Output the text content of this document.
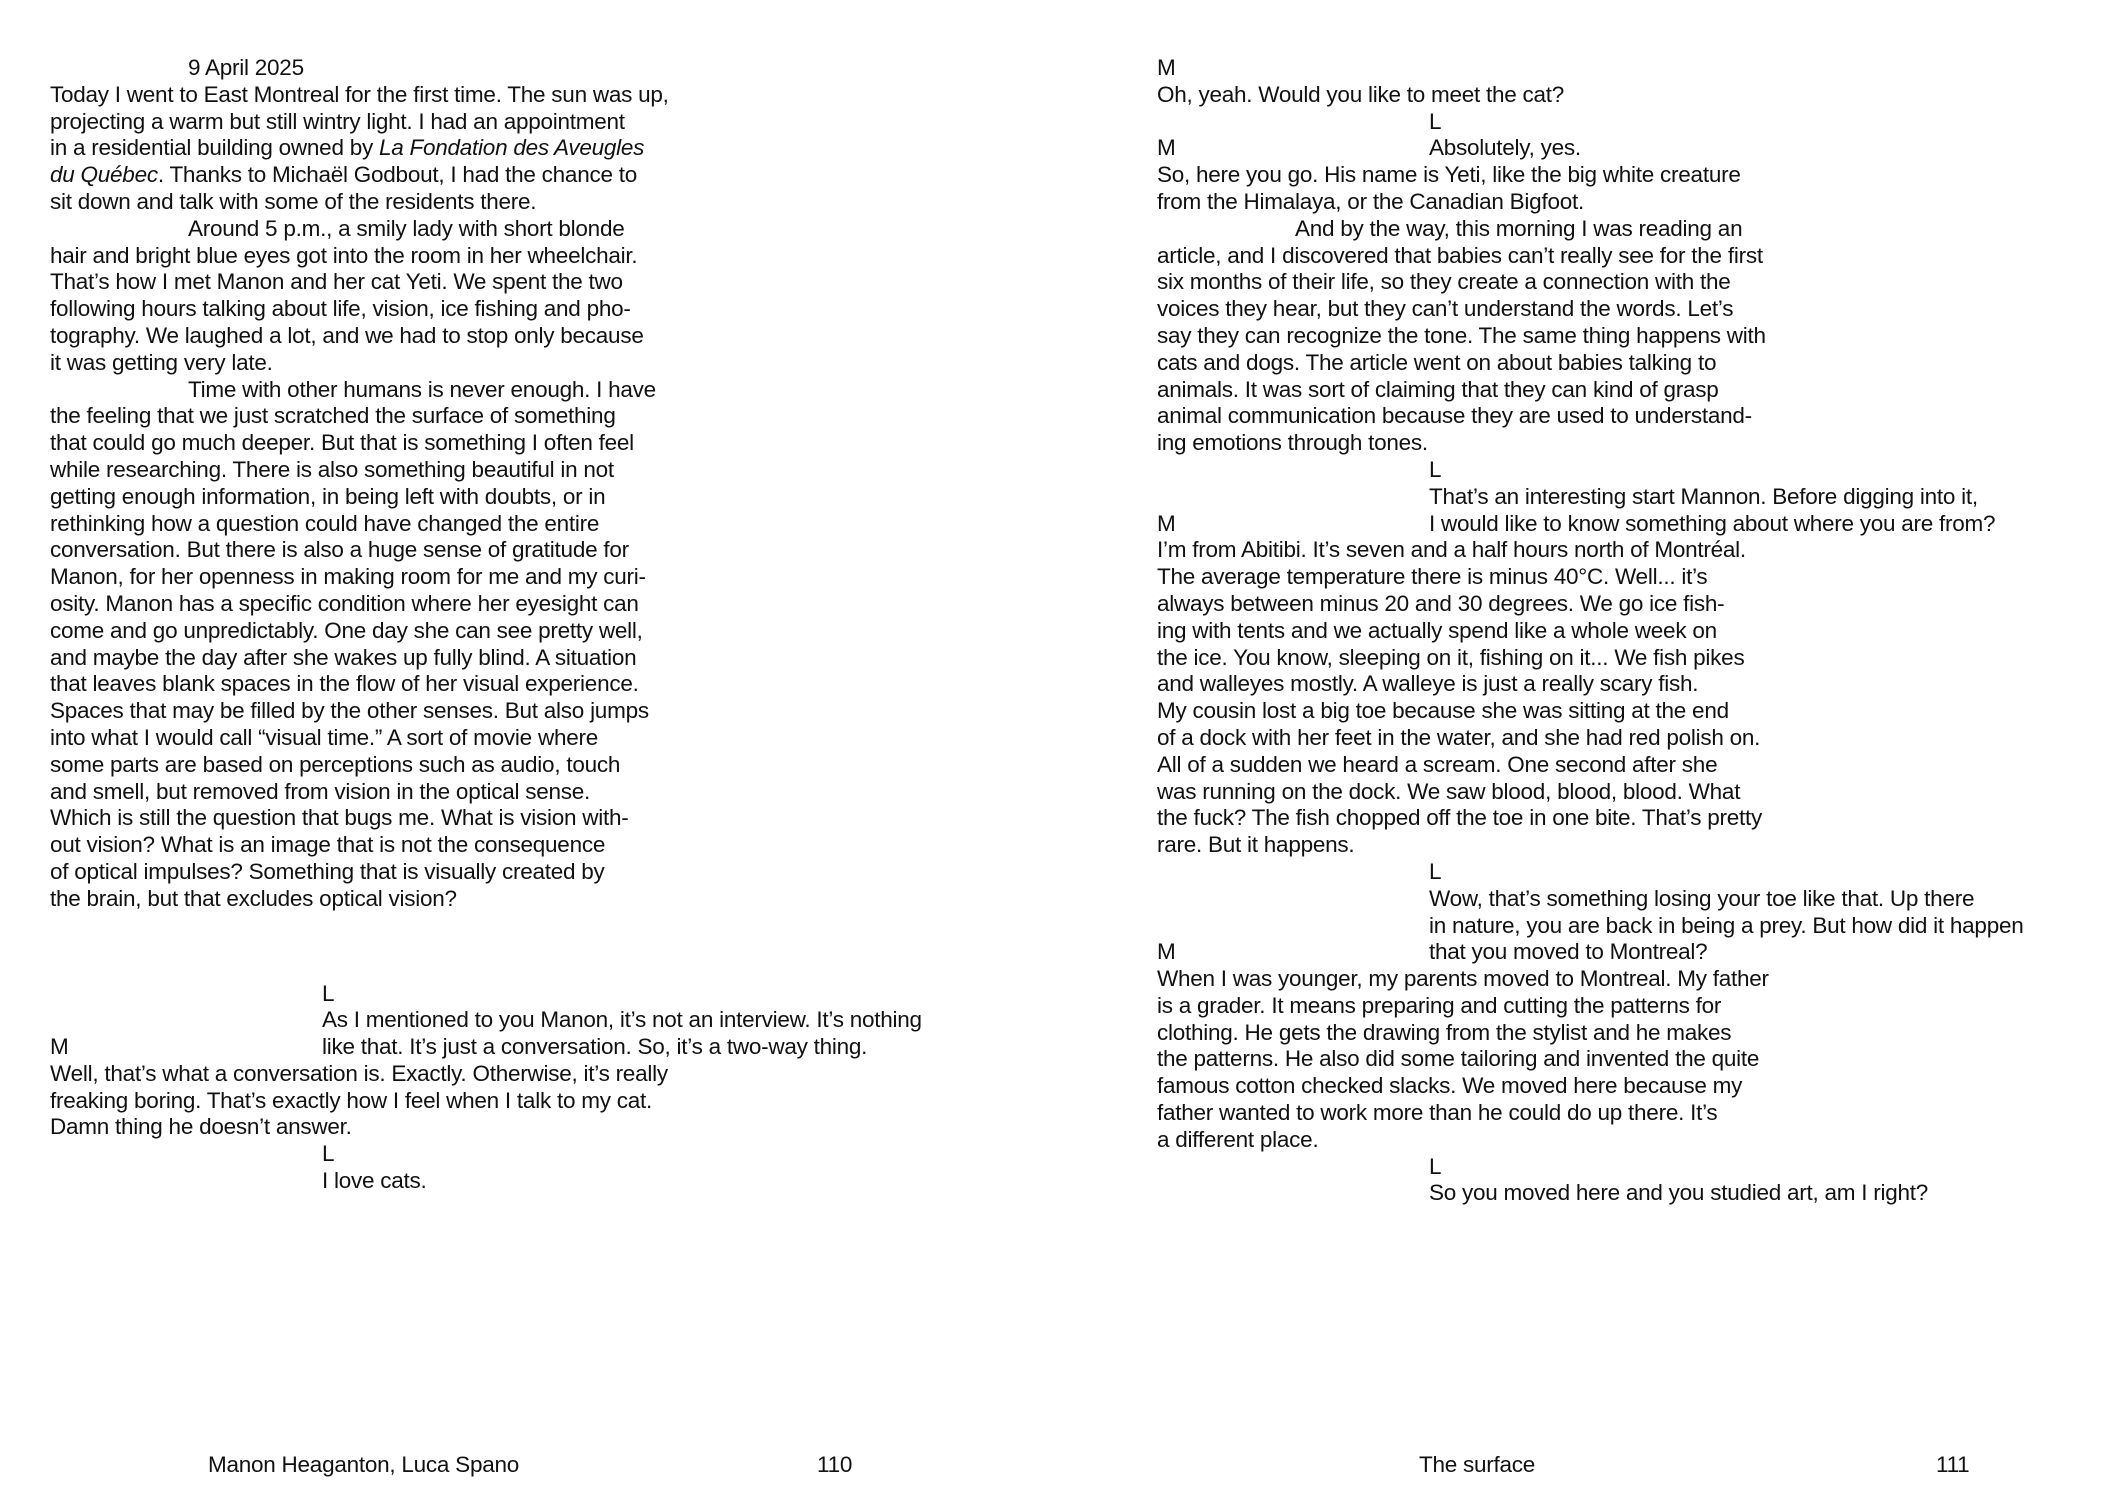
9 April 2025
Today I went to East Montreal for the first time. The sun was up,
projecting a warm but still wintry light. I had an appointment
in a residential building owned by La Fondation des Aveugles
du Québec. Thanks to Michaël Godbout, I had the chance to
sit down and talk with some of the residents there.
Around 5 p.m., a smily lady with short blonde
hair and bright blue eyes got into the room in her wheelchair.
That’s how I met Manon and her cat Yeti. We spent the two
following hours talking about life, vision, ice fishing and pho-
tography. We laughed a lot, and we had to stop only because
it was getting very late.
Time with other humans is never enough. I have
the feeling that we just scratched the surface of something
that could go much deeper. But that is something I often feel
while researching. There is also something beautiful in not
getting enough information, in being left with doubts, or in
rethinking how a question could have changed the entire
conversation. But there is also a huge sense of gratitude for
Manon, for her openness in making room for me and my curi-
osity. Manon has a specific condition where her eyesight can
come and go unpredictably. One day she can see pretty well,
and maybe the day after she wakes up fully blind. A situation
that leaves blank spaces in the flow of her visual experience.
Spaces that may be filled by the other senses. But also jumps
into what I would call “visual time.” A sort of movie where
some parts are based on perceptions such as audio, touch
and smell, but removed from vision in the optical sense.
Which is still the question that bugs me. What is vision with-
out vision? What is an image that is not the consequence
of optical impulses? Something that is visually created by
the brain, but that excludes optical vision?
L
As I mentioned to you Manon, it’s not an interview. It’s nothing
M	like that. It’s just a conversation. So, it’s a two-way thing.
Well, that’s what a conversation is. Exactly. Otherwise, it’s really
freaking boring. That’s exactly how I feel when I talk to my cat.
Damn thing he doesn’t answer.
L
I love cats.
M
Oh, yeah. Would you like to meet the cat?
L
M	Absolutely, yes.
So, here you go. His name is Yeti, like the big white creature
from the Himalaya, or the Canadian Bigfoot.
And by the way, this morning I was reading an
article, and I discovered that babies can’t really see for the first
six months of their life, so they create a connection with the
voices they hear, but they can’t understand the words. Let’s
say they can recognize the tone. The same thing happens with
cats and dogs. The article went on about babies talking to
animals. It was sort of claiming that they can kind of grasp
animal communication because they are used to understand-
ing emotions through tones.
L
That’s an interesting start Mannon. Before digging into it,
M	I would like to know something about where you are from?
I’m from Abitibi. It’s seven and a half hours north of Montréal.
The average temperature there is minus 40°C. Well... it’s
always between minus 20 and 30 degrees. We go ice fish-
ing with tents and we actually spend like a whole week on
the ice. You know, sleeping on it, fishing on it... We fish pikes
and walleyes mostly. A walleye is just a really scary fish.
My cousin lost a big toe because she was sitting at the end
of a dock with her feet in the water, and she had red polish on.
All of a sudden we heard a scream. One second after she
was running on the dock. We saw blood, blood, blood. What
the fuck? The fish chopped off the toe in one bite. That’s pretty
rare. But it happens.
L
Wow, that’s something losing your toe like that. Up there
in nature, you are back in being a prey. But how did it happen
M	that you moved to Montreal?
When I was younger, my parents moved to Montreal. My father
is a grader. It means preparing and cutting the patterns for
clothing. He gets the drawing from the stylist and he makes
the patterns. He also did some tailoring and invented the quite
famous cotton checked slacks. We moved here because my
father wanted to work more than he could do up there. It’s
a different place.
L
So you moved here and you studied art, am I right?
Manon Heaganton, Luca Spano	110	The surface	111
